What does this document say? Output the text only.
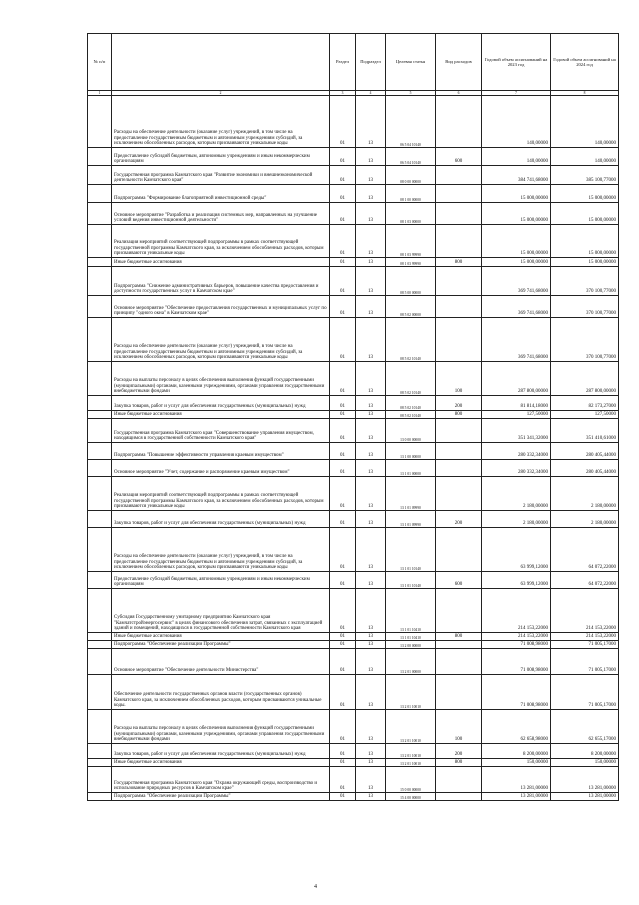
№ п/п		Раздел	Подраздел	Целевая статья	Вид расходов	Годовой объем ассигнований на 2023 год	Годовой объем ассигнований на 2024 год
1	2	3	4	5	6	7	8
	Расходы на обеспечение деятельности (оказание услуг) учреждений, в том числе на предоставление государственным бюджетным и автономным учреждениям субсидий, за исключением обособленных расходов, которым присваиваются уникальные коды	01	13	06 5 04 10140		140,00000	140,00000
	Предоставление субсидий бюджетным, автономным учреждениям и иным некоммерческим организациям	01	13	06 5 04 10140	600	140,00000	140,00000
	Государственная программа Камчатского края "Развитие экономики и внешнеэкономической деятельности Камчатского края"	01	13	08 0 00 00000		384 741,68000	385 100,77000
	Подпрограмма "Формирование благоприятной инвестиционной среды"	01	13	08 1 00 00000		15 000,00000	15 000,00000
	Основное мероприятие "Разработка и реализация системных мер, направленных на улучшение условий ведения инвестиционной деятельности"	01	13	08 1 03 00000		15 000,00000	15 000,00000
	Реализация мероприятий соответствующей подпрограммы в рамках соответствующей государственной программы Камчатского края, за исключением обособленных расходов, которым присваиваются уникальные коды	01	13	08 1 03 99990		15 000,00000	15 000,00000
	Иные бюджетные ассигнования	01	13	08 1 03 99990	800	15 000,00000	15 000,00000
	Подпрограмма "Снижение административных барьеров, повышение качества предоставления и доступности государственных услуг в Камчатском крае"	01	13	08 5 00 00000		369 741,68000	370 100,77000
	Основное мероприятие "Обеспечение предоставления государственных и муниципальных услуг по принципу "одного окна" в Камчатском крае"	01	13	08 5 02 00000		369 741,68000	370 100,77000
	Расходы на обеспечение деятельности (оказание услуг) учреждений, в том числе на предоставление государственным бюджетным и автономным учреждениям субсидий, за исключением обособленных расходов, которым присваиваются уникальные коды	01	13	08 5 02 10140		369 741,68000	370 100,77000
	Расходы на выплаты персоналу в целях обеспечения выполнения функций государственными (муниципальными) органами, казенными учреждениями, органами управления государственными внебюджетными фондами	01	13	08 5 02 10140	100	287 800,00000	287 800,00000
	Закупка товаров, работ и услуг для обеспечения государственных (муниципальных) нужд	01	13	08 5 02 10140	200	81 814,18000	82 173,27000
	Иные бюджетные ассигнования	01	13	08 5 02 10140	800	127,50000	127,50000
	Государственная программа Камчатского края "Совершенствование управления имуществом, находящимся в государственной собственности Камчатского края"	01	13	13 0 00 00000		351 341,32000	351 410,61000
	Подпрограмма "Повышение эффективности управления краевым имуществом"	01	13	13 1 00 00000		280 332,34000	280 405,44000
	Основное мероприятие "Учет, содержание и распоряжение краевым имуществом"	01	13	13 1 01 00000		280 332,34000	280 405,44000
	Реализация мероприятий соответствующей подпрограммы в рамках соответствующей государственной программы Камчатского края, за исключением обособленных расходов, которым присваиваются уникальные коды	01	13	13 1 01 09990		2 180,00000	2 180,00000
	Закупка товаров, работ и услуг для обеспечения государственных (муниципальных) нужд	01	13	13 1 01 09990	200	2 180,00000	2 180,00000
	Расходы на обеспечение деятельности (оказание услуг) учреждений, в том числе на предоставление государственным бюджетным и автономным учреждениям субсидий, за исключением обособленных расходов, которым присваиваются уникальные коды	01	13	13 1 01 10140		63 999,12000	64 072,22000
	Предоставление субсидий бюджетным, автономным учреждениям и иным некоммерческим организациям	01	13	13 1 01 10140	600	63 999,12000	64 072,22000
	Субсидия Государственному унитарному предприятию Камчатского края "Камчатстройэнергосервис" в целях финансового обеспечения затрат, связанных с эксплуатацией зданий и помещений, находящихся в государственной собственности Камчатского края	01	13	13 1 01 10410		214 153,22000	214 153,22000
	Иные бюджетные ассигнования	01	13	13 1 01 10410	800	214 153,22000	214 153,22000
	Подпрограмма "Обеспечение реализации Программы"	01	13	13 2 00 00000		71 008,98000	71 005,17000
	Основное мероприятие "Обеспечение деятельности Министерства"	01	13	13 2 01 00000		71 008,98000	71 005,17000
	Обеспечение деятельности государственных органов власти (государственных органов) Камчатского края, за исключением обособленных расходов, которым присваиваются уникальные коды.	01	13	13 2 01 10010		71 008,98000	71 005,17000
	Расходы на выплаты персоналу в целях обеспечения выполнения функций государственными (муниципальными) органами, казенными учреждениями, органами управления государственными внебюджетными фондами	01	13	13 2 01 10010	100	62 658,98000	62 655,17000
	Закупка товаров, работ и услуг для обеспечения государственных (муниципальных) нужд	01	13	13 2 01 10010	200	8 200,00000	8 200,00000
	Иные бюджетные ассигнования	01	13	13 2 01 10010	800	150,00000	150,00000
	Государственная программа Камчатского края "Охрана окружающей среды, воспроизводство и использование природных ресурсов в Камчатском крае"	01	13	15 0 00 00000		13 281,00000	13 281,00000
	Подпрограмма "Обеспечение реализации Программы"	01	13	15 4 00 00000		13 281,00000	13 281,00000
4
